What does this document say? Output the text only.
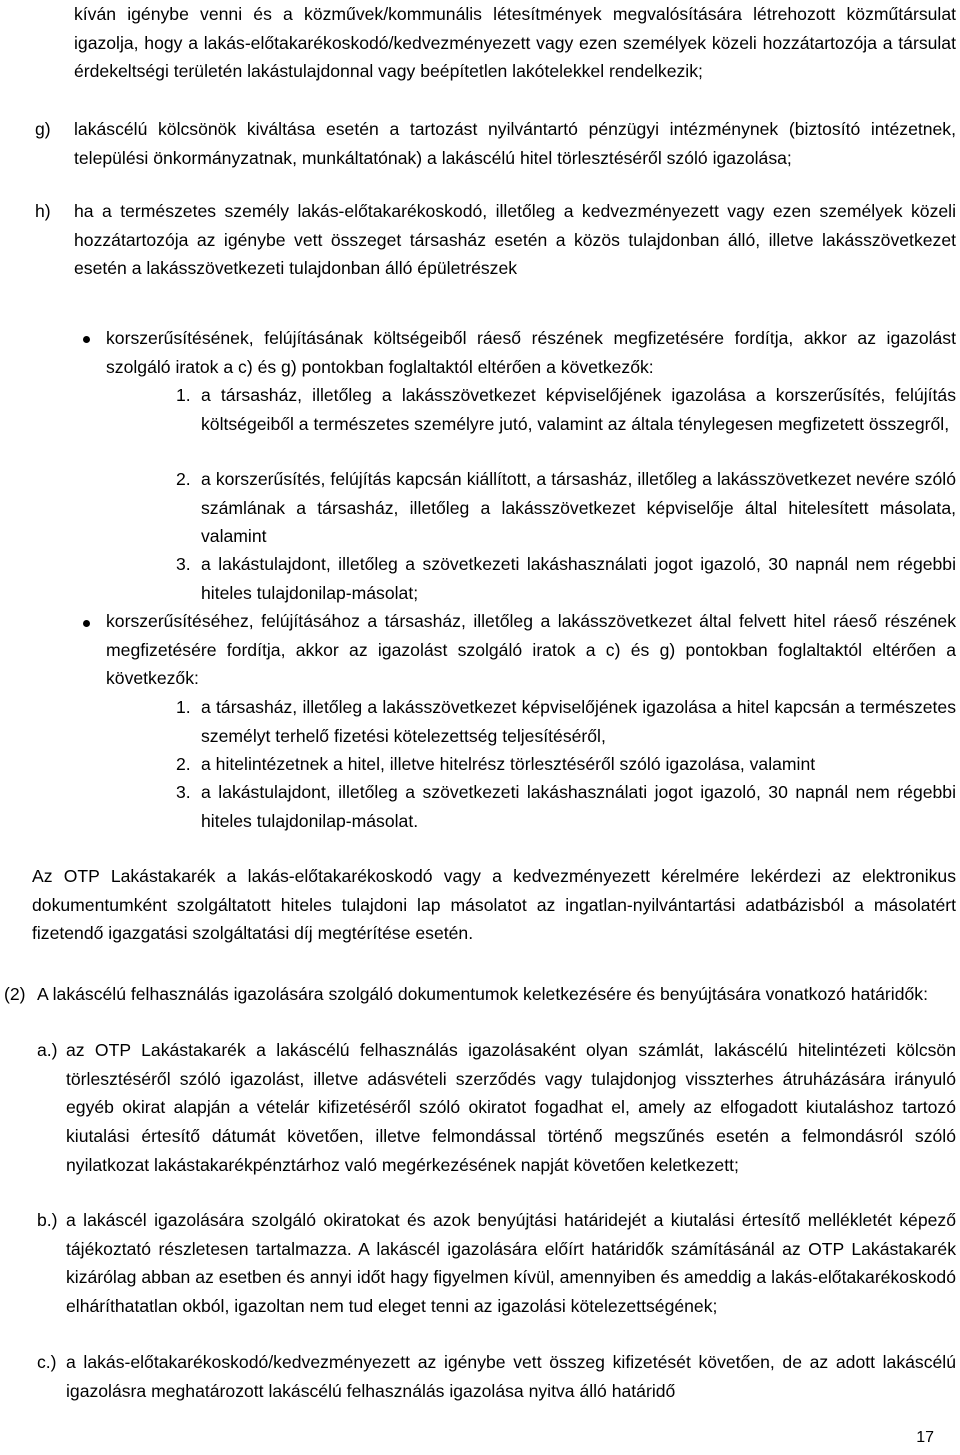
kíván igénybe venni és a közművek/kommunális létesítmények megvalósítására létrehozott közműtársulat igazolja, hogy a lakás-előtakarékoskodó/kedvezményezett vagy ezen személyek közeli hozzátartozója a társulat érdekeltségi területén lakástulajdonnal vagy beépítetlen lakótelekkel rendelkezik;

g) lakáscélú kölcsönök kiváltása esetén a tartozást nyilvántartó pénzügyi intézménynek (biztosító intézetnek, települési önkormányzatnak, munkáltatónak) a lakáscélú hitel törlesztéséről szóló igazolása;

h) ha a természetes személy lakás-előtakarékoskodó, illetőleg a kedvezményezett vagy ezen személyek közeli hozzátartozója az igénybe vett összeget társasház esetén a közös tulajdonban álló, illetve lakásszövetkezet esetén a lakásszövetkezeti tulajdonban álló épületrészek

korszerűsítésének, felújításának költségeiből ráeső részének megfizetésére fordítja, akkor az igazolást szolgáló iratok a c) és g) pontokban foglaltaktól eltérően a következők:

1. a társasház, illetőleg a lakásszövetkezet képviselőjének igazolása a korszerűsítés, felújítás költségeiből a természetes személyre jutó, valamint az általa ténylegesen megfizetett összegről,

2. a korszerűsítés, felújítás kapcsán kiállított, a társasház, illetőleg a lakásszövetkezet nevére szóló számlának a társasház, illetőleg a lakásszövetkezet képviselője által hitelesített másolata, valamint

3. a lakástulajdont, illetőleg a szövetkezeti lakáshasználati jogot igazoló, 30 napnál nem régebbi hiteles tulajdonilap-másolat;

korszerűsítéséhez, felújításához a társasház, illetőleg a lakásszövetkezet által felvett hitel ráeső részének megfizetésére fordítja, akkor az igazolást szolgáló iratok a c) és g) pontokban foglaltaktól eltérően a következők:

1. a társasház, illetőleg a lakásszövetkezet képviselőjének igazolása a hitel kapcsán a természetes személyt terhelő fizetési kötelezettség teljesítéséről,

2. a hitelintézetnek a hitel, illetve hitelrész törlesztéséről szóló igazolása, valamint

3. a lakástulajdont, illetőleg a szövetkezeti lakáshasználati jogot igazoló, 30 napnál nem régebbi hiteles tulajdonilap-másolat.

Az OTP Lakástakarék a lakás-előtakarékoskodó vagy a kedvezményezett kérelmére lekérdezi az elektronikus dokumentumként szolgáltatott hiteles tulajdoni lap másolatot az ingatlan-nyilvántartási adatbázisból a másolatért fizetendő igazgatási szolgáltatási díj megtérítése esetén.

(2) A lakáscélú felhasználás igazolására szolgáló dokumentumok keletkezésére és benyújtására vonatkozó határidők:

a.) az OTP Lakástakarék a lakáscélú felhasználás igazolásaként olyan számlát, lakáscélú hitelintézeti kölcsön törlesztéséről szóló igazolást, illetve adásvételi szerződés vagy tulajdonjog visszterhes átruházására irányuló egyéb okirat alapján a vételár kifizetéséről szóló okiratot fogadhat el, amely az elfogadott kiutaláshoz tartozó kiutalási értesítő dátumát követően, illetve felmondással történő megszűnés esetén a felmondásról szóló nyilatkozat lakástakarékpénztárhoz való megérkezésének napját követően keletkezett;

b.) a lakáscél igazolására szolgáló okiratokat és azok benyújtási határidejét a kiutalási értesítő mellékletét képező tájékoztató részletesen tartalmazza. A lakáscél igazolására előírt határidők számításánál az OTP Lakástakarék kizárólag abban az esetben és annyi időt hagy figyelmen kívül, amennyiben és ameddig a lakás-előtakarékoskodó elháríthatatlan okból, igazoltan nem tud eleget tenni az igazolási kötelezettségének;

c.) a lakás-előtakarékoskodó/kedvezményezett az igénybe vett összeg kifizetését követően, de az adott lakáscélú igazolásra meghatározott lakáscélú felhasználás igazolása nyitva álló határidő

17
